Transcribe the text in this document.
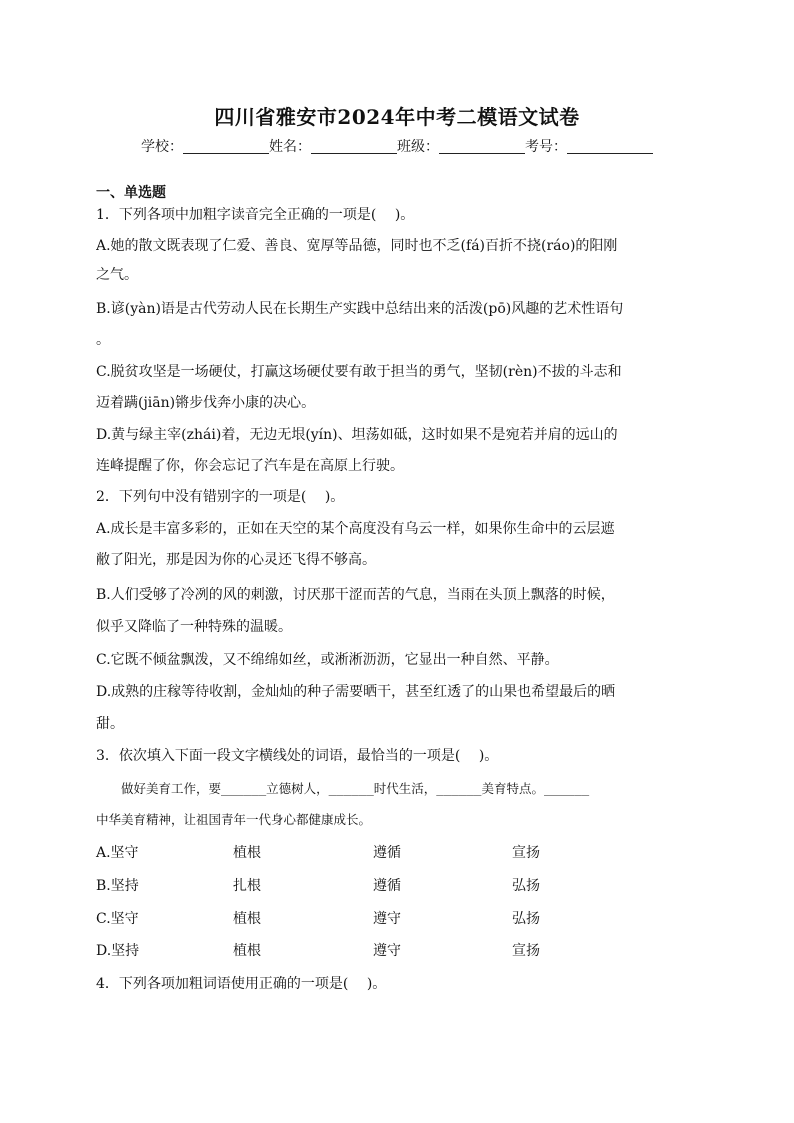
四川省雅安市2024年中考二模语文试卷
学校：	姓名：	班级：	考号：
一、单选题
1．下列各项中加粗字读音完全正确的一项是(　 )。
A.她的散文既表现了仁爱、善良、宽厚等品德，同时也不乏(fá)百折不挠(ráo)的阳刚
之气。
B.谚(yàn)语是古代劳动人民在长期生产实践中总结出来的活泼(pō)风趣的艺术性语句
。
C.脱贫攻坚是一场硬仗，打赢这场硬仗要有敢于担当的勇气，坚韧(rèn)不拔的斗志和
迈着蹒(jiān)锵步伐奔小康的决心。
D.黄与绿主宰(zhái)着，无边无垠(yín)、坦荡如砥，这时如果不是宛若并肩的远山的
连峰提醒了你，你会忘记了汽车是在高原上行驶。
2．下列句中没有错别字的一项是(　 )。
A.成长是丰富多彩的，正如在天空的某个高度没有乌云一样，如果你生命中的云层遮
敝了阳光，那是因为你的心灵还飞得不够高。
B.人们受够了冷冽的风的刺激，讨厌那干涩而苦的气息，当雨在头顶上飘落的时候，
似乎又降临了一种特殊的温暖。
C.它既不倾盆飘泼，又不绵绵如丝，或淅淅沥沥，它显出一种自然、平静。
D.成熟的庄稼等待收割，金灿灿的种子需要晒干，甚至红透了的山果也希望最后的晒
甜。
3．依次填入下面一段文字横线处的词语，最恰当的一项是(　 )。
　　做好美育工作，要______立德树人，______时代生活，______美育特点。______
中华美育精神，让祖国青年一代身心都健康成长。
A.坚守	植根	遵循	宣扬
B.坚持	扎根	遵循	弘扬
C.坚守	植根	遵守	弘扬
D.坚持	植根	遵守	宣扬
4．下列各项加粗词语使用正确的一项是(　 )。
